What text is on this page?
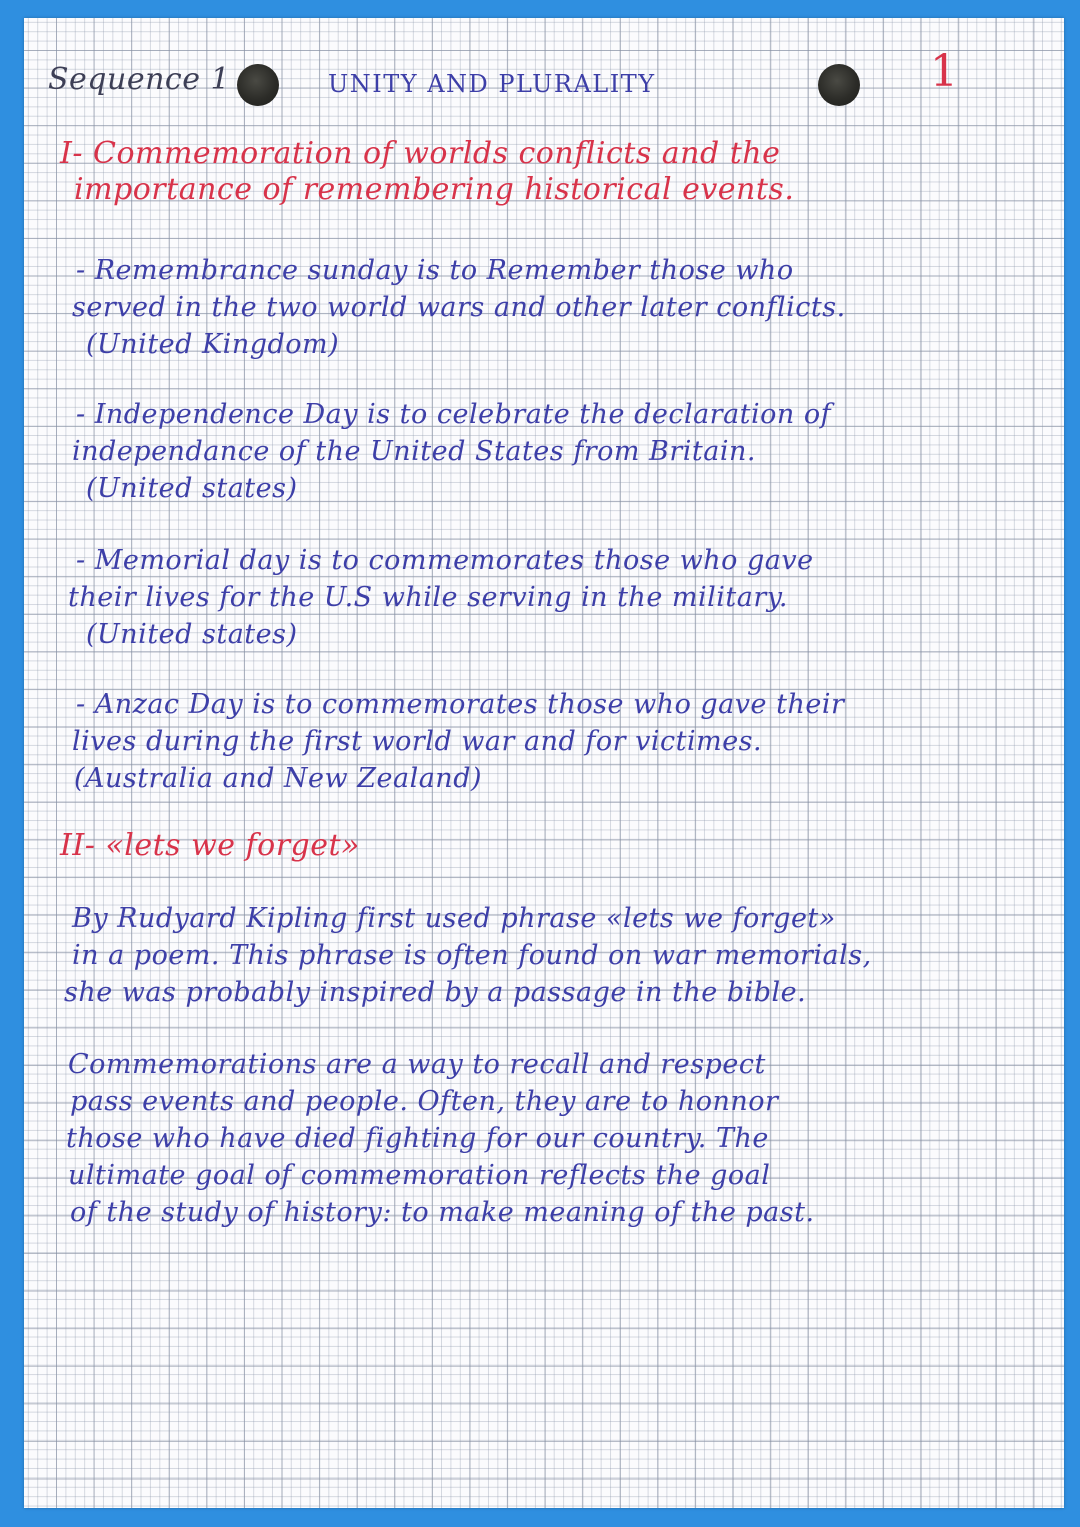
Sequence 1	UNITY AND PLURALITY	1
I- Commemoration of worlds conflicts and the
importance of remembering historical events.
- Remembrance sunday is to Remember those who
served in the two world wars and other later conflicts.
(United Kingdom)
- Independence Day is to celebrate the declaration of
independance of the United States from Britain.
(United states)
- Memorial day is to commemorates those who gave
their lives for the U.S while serving in the military.
(United states)
- Anzac Day is to commemorates those who gave their
lives during the first world war and for victimes.
(Australia and New Zealand)
II- «lets we forget»
By Rudyard Kipling first used phrase «lets we forget»
in a poem. This phrase is often found on war memorials,
she was probably inspired by a passage in the bible.
Commemorations are a way to recall and respect
pass events and people. Often, they are to honnor
those who have died fighting for our country. The
ultimate goal of commemoration reflects the goal
of the study of history: to make meaning of the past.
